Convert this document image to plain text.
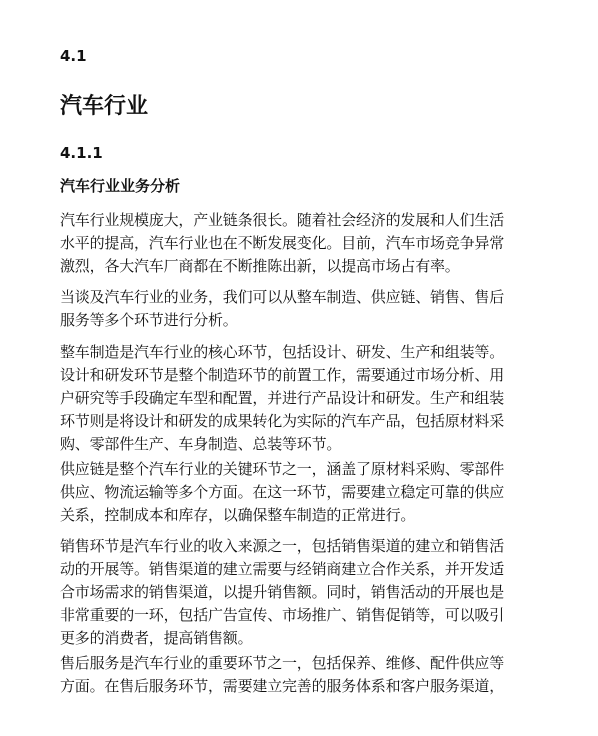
4.1
汽车行业
4.1.1
汽车行业业务分析
汽车行业规模庞大，产业链条很长。随着社会经济的发展和人们生活
水平的提高，汽车行业也在不断发展变化。目前，汽车市场竞争异常
激烈，各大汽车厂商都在不断推陈出新，以提高市场占有率。
当谈及汽车行业的业务，我们可以从整车制造、供应链、销售、售后
服务等多个环节进行分析。
整车制造是汽车行业的核心环节，包括设计、研发、生产和组装等。
设计和研发环节是整个制造环节的前置工作，需要通过市场分析、用
户研究等手段确定车型和配置，并进行产品设计和研发。生产和组装
环节则是将设计和研发的成果转化为实际的汽车产品，包括原材料采
购、零部件生产、车身制造、总装等环节。
供应链是整个汽车行业的关键环节之一，涵盖了原材料采购、零部件
供应、物流运输等多个方面。在这一环节，需要建立稳定可靠的供应
关系，控制成本和库存，以确保整车制造的正常进行。
销售环节是汽车行业的收入来源之一，包括销售渠道的建立和销售活
动的开展等。销售渠道的建立需要与经销商建立合作关系，并开发适
合市场需求的销售渠道，以提升销售额。同时，销售活动的开展也是
非常重要的一环，包括广告宣传、市场推广、销售促销等，可以吸引
更多的消费者，提高销售额。
售后服务是汽车行业的重要环节之一，包括保养、维修、配件供应等
方面。在售后服务环节，需要建立完善的服务体系和客户服务渠道，
